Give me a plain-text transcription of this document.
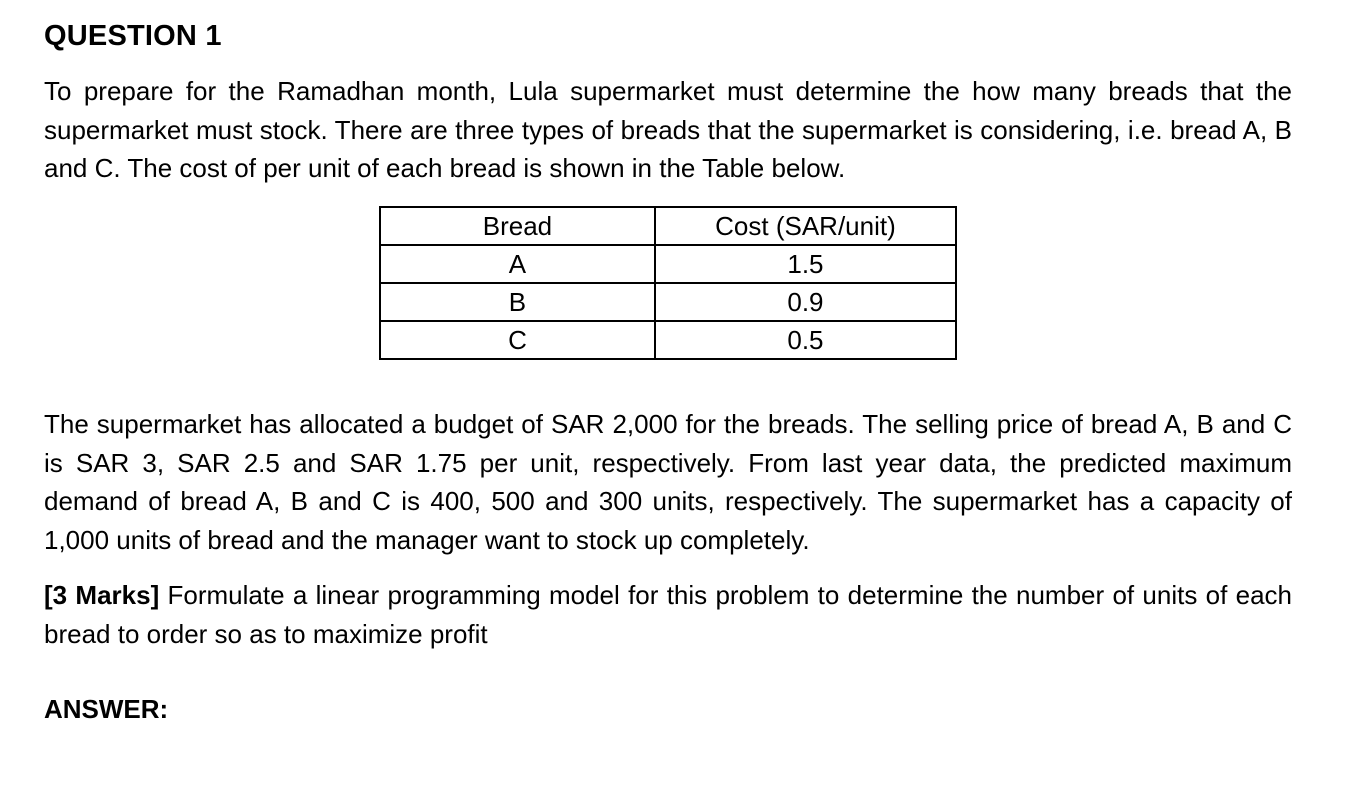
QUESTION 1

To prepare for the Ramadhan month, Lula supermarket must determine the how many breads that the supermarket must stock. There are three types of breads that the supermarket is considering, i.e. bread A, B and C. The cost of per unit of each bread is shown in the Table below.

Bread	Cost (SAR/unit)
A	1.5
B	0.9
C	0.5

The supermarket has allocated a budget of SAR 2,000 for the breads. The selling price of bread A, B and C is SAR 3, SAR 2.5 and SAR 1.75 per unit, respectively. From last year data, the predicted maximum demand of bread A, B and C is 400, 500 and 300 units, respectively. The supermarket has a capacity of 1,000 units of bread and the manager want to stock up completely.

[3 Marks] Formulate a linear programming model for this problem to determine the number of units of each bread to order so as to maximize profit

ANSWER:
